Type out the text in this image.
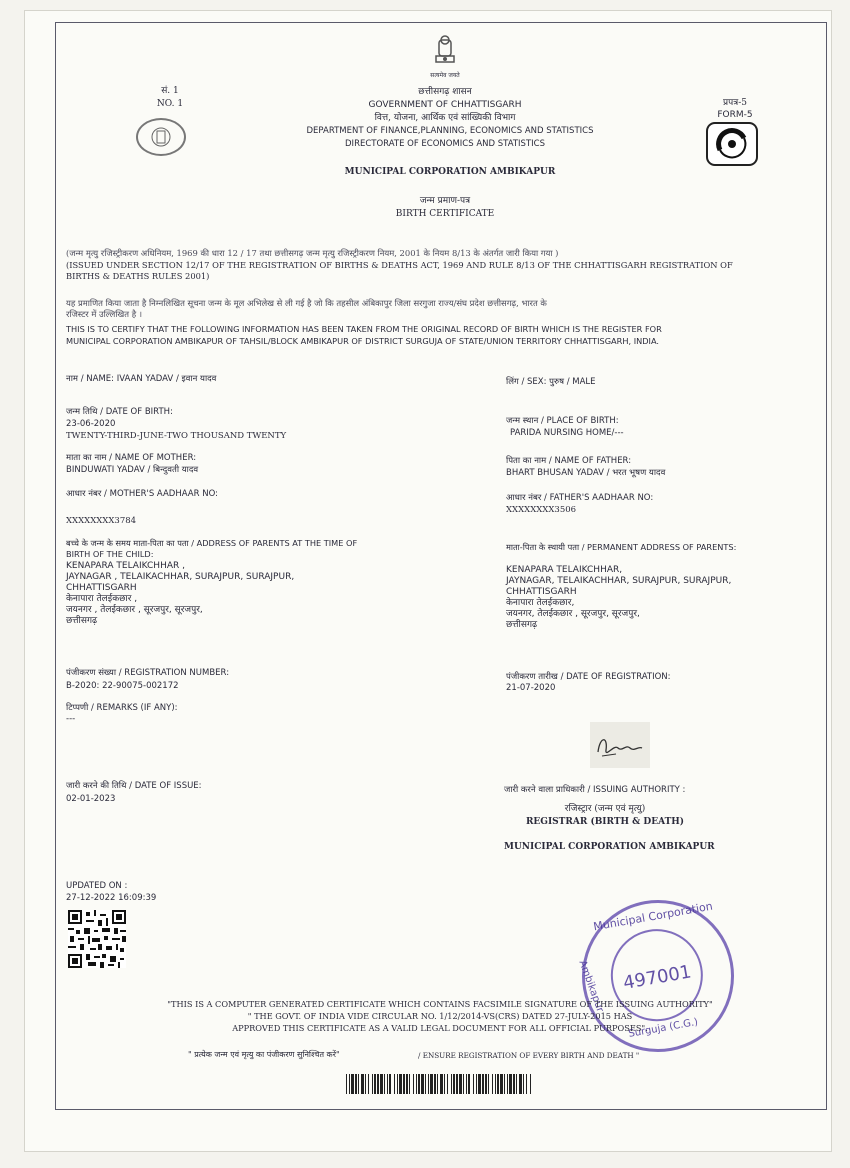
सत्यमेव जयते
सं. 1
NO. 1
छत्तीसगढ़ शासन
GOVERNMENT OF CHHATTISGARH
वित्त, योजना, आर्थिक एवं सांख्यिकी विभाग
DEPARTMENT OF FINANCE,PLANNING, ECONOMICS AND STATISTICS
DIRECTORATE OF ECONOMICS AND STATISTICS
प्रपत्र-5
FORM-5
MUNICIPAL CORPORATION AMBIKAPUR
जन्म प्रमाण-पत्र
BIRTH CERTIFICATE
(जन्म मृत्यु रजिस्ट्रीकरण अधिनियम, 1969 की धारा 12 / 17 तथा छत्तीसगढ़ जन्म मृत्यु रजिस्ट्रीकरण नियम, 2001 के नियम 8/13 के अंतर्गत जारी किया गया )
(ISSUED UNDER SECTION 12/17 OF THE REGISTRATION OF BIRTHS & DEATHS ACT, 1969 AND RULE 8/13 OF THE CHHATTISGARH REGISTRATION OF
BIRTHS & DEATHS RULES 2001)
यह प्रमाणित किया जाता है निम्नलिखित सूचना जन्म के मूल अभिलेख से ली गई है जो कि तहसील अंबिकापुर जिला सरगुजा राज्य/संघ प्रदेश छत्तीसगढ़, भारत के
रजिस्टर में उल्लिखित है ।
THIS IS TO CERTIFY THAT THE FOLLOWING INFORMATION HAS BEEN TAKEN FROM THE ORIGINAL RECORD OF BIRTH WHICH IS THE REGISTER FOR
MUNICIPAL CORPORATION AMBIKAPUR OF TAHSIL/BLOCK AMBIKAPUR OF DISTRICT SURGUJA OF STATE/UNION TERRITORY CHHATTISGARH, INDIA.
नाम / NAME: IVAAN YADAV / इवान यादव
जन्म तिथि / DATE OF BIRTH:
23-06-2020
TWENTY-THIRD-JUNE-TWO THOUSAND TWENTY
माता का नाम / NAME OF MOTHER:
BINDUWATI YADAV / बिन्दुवती यादव
आधार नंबर / MOTHER'S AADHAAR NO:
XXXXXXXX3784
बच्चे के जन्म के समय माता-पिता का पता / ADDRESS OF PARENTS AT THE TIME OF
BIRTH OF THE CHILD:
KENAPARA TELAIKCHHAR ,
JAYNAGAR , TELAIKACHHAR, SURAJPUR, SURAJPUR,
CHHATTISGARH
केनापारा तेलईकछार ,
जयनगर , तेलईकछार , सूरजपुर, सूरजपुर,
छत्तीसगढ़
पंजीकरण संख्या / REGISTRATION NUMBER:
B-2020: 22-90075-002172
टिप्पणी / REMARKS (IF ANY):
---
जारी करने की तिथि / DATE OF ISSUE:
02-01-2023
लिंग / SEX: पुरुष / MALE
जन्म स्थान / PLACE OF BIRTH:
PARIDA NURSING HOME/---
पिता का नाम / NAME OF FATHER:
BHART BHUSAN YADAV / भरत भूषण यादव
आधार नंबर / FATHER'S AADHAAR NO:
XXXXXXXX3506
माता-पिता के स्थायी पता / PERMANENT ADDRESS OF PARENTS:
KENAPARA TELAIKCHHAR,
JAYNAGAR, TELAIKACHHAR, SURAJPUR, SURAJPUR,
CHHATTISGARH
केनापारा तेलईकछार,
जयनगर, तेलईकछार , सूरजपुर, सूरजपुर,
छत्तीसगढ़
पंजीकरण तारीख / DATE OF REGISTRATION:
21-07-2020
जारी करने वाला प्राधिकारी / ISSUING AUTHORITY :
रजिस्ट्रार (जन्म एवं मृत्यु)
REGISTRAR (BIRTH & DEATH)
MUNICIPAL CORPORATION AMBIKAPUR
UPDATED ON :
27-12-2022 16:09:39
Municipal Corporation
497001
Ambikapur
Surguja (C.G.)
"THIS IS A COMPUTER GENERATED CERTIFICATE WHICH CONTAINS FACSIMILE SIGNATURE OF THE ISSUING AUTHORITY"
" THE GOVT. OF INDIA VIDE CIRCULAR NO. 1/12/2014-VS(CRS) DATED 27-JULY-2015 HAS
APPROVED THIS CERTIFICATE AS A VALID LEGAL DOCUMENT FOR ALL OFFICIAL PURPOSES".
" प्रत्येक जन्म एवं मृत्यु का पंजीकरण सुनिश्चित करें"	/ ENSURE REGISTRATION OF EVERY BIRTH AND DEATH "
